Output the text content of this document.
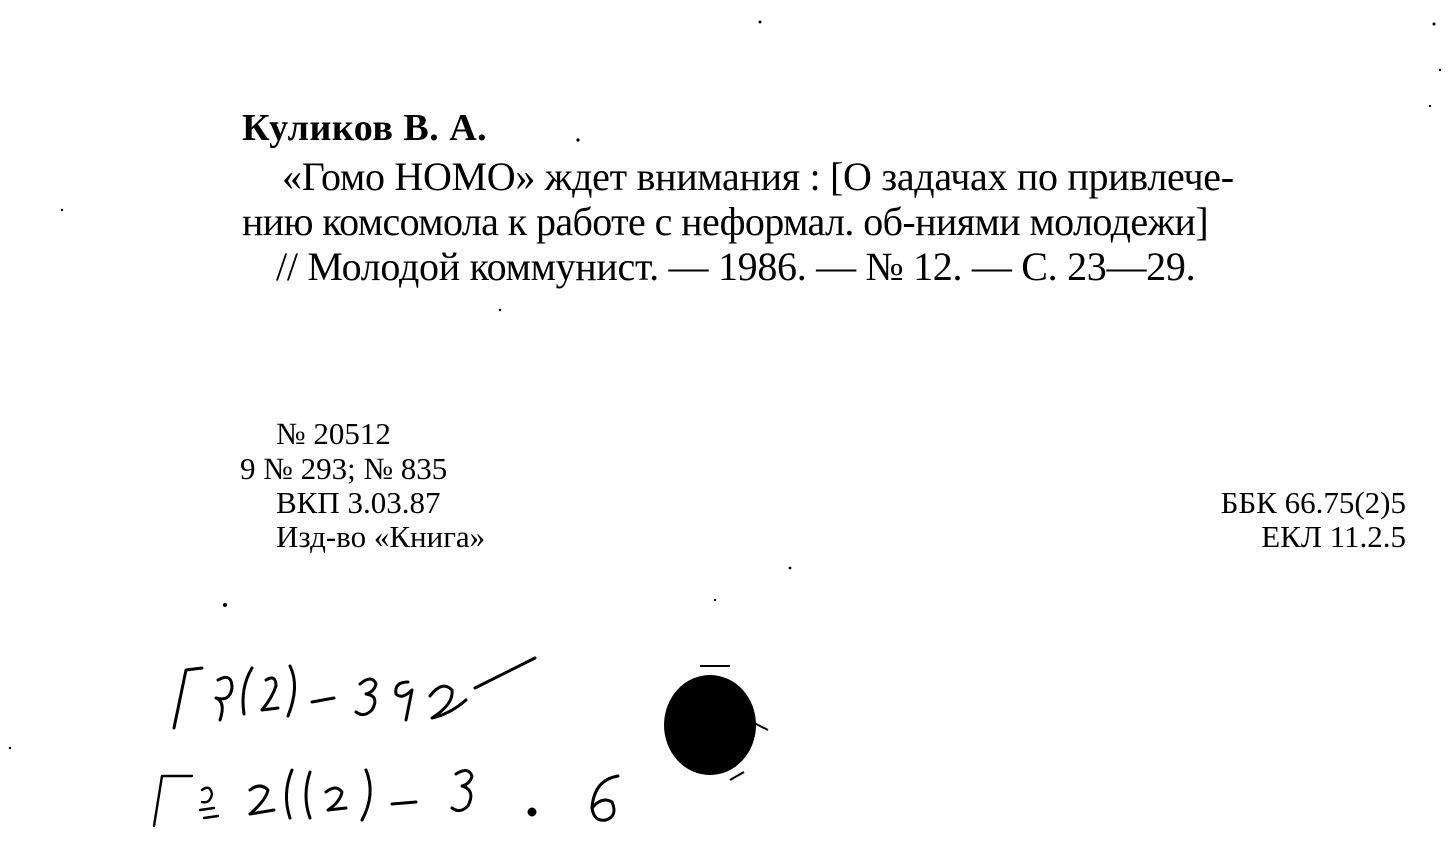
Куликов В. А.
«Гомо НОМО» ждет внимания : [О задачах по привлече-
нию комсомола к работе с неформал. об-ниями молодежи]
// Молодой коммунист. — 1986. — № 12. — С. 23—29.
№ 20512
9 № 293; № 835
ВКП 3.03.87
Изд-во «Книга»
ББК 66.75(2)5
ЕКЛ 11.2.5
